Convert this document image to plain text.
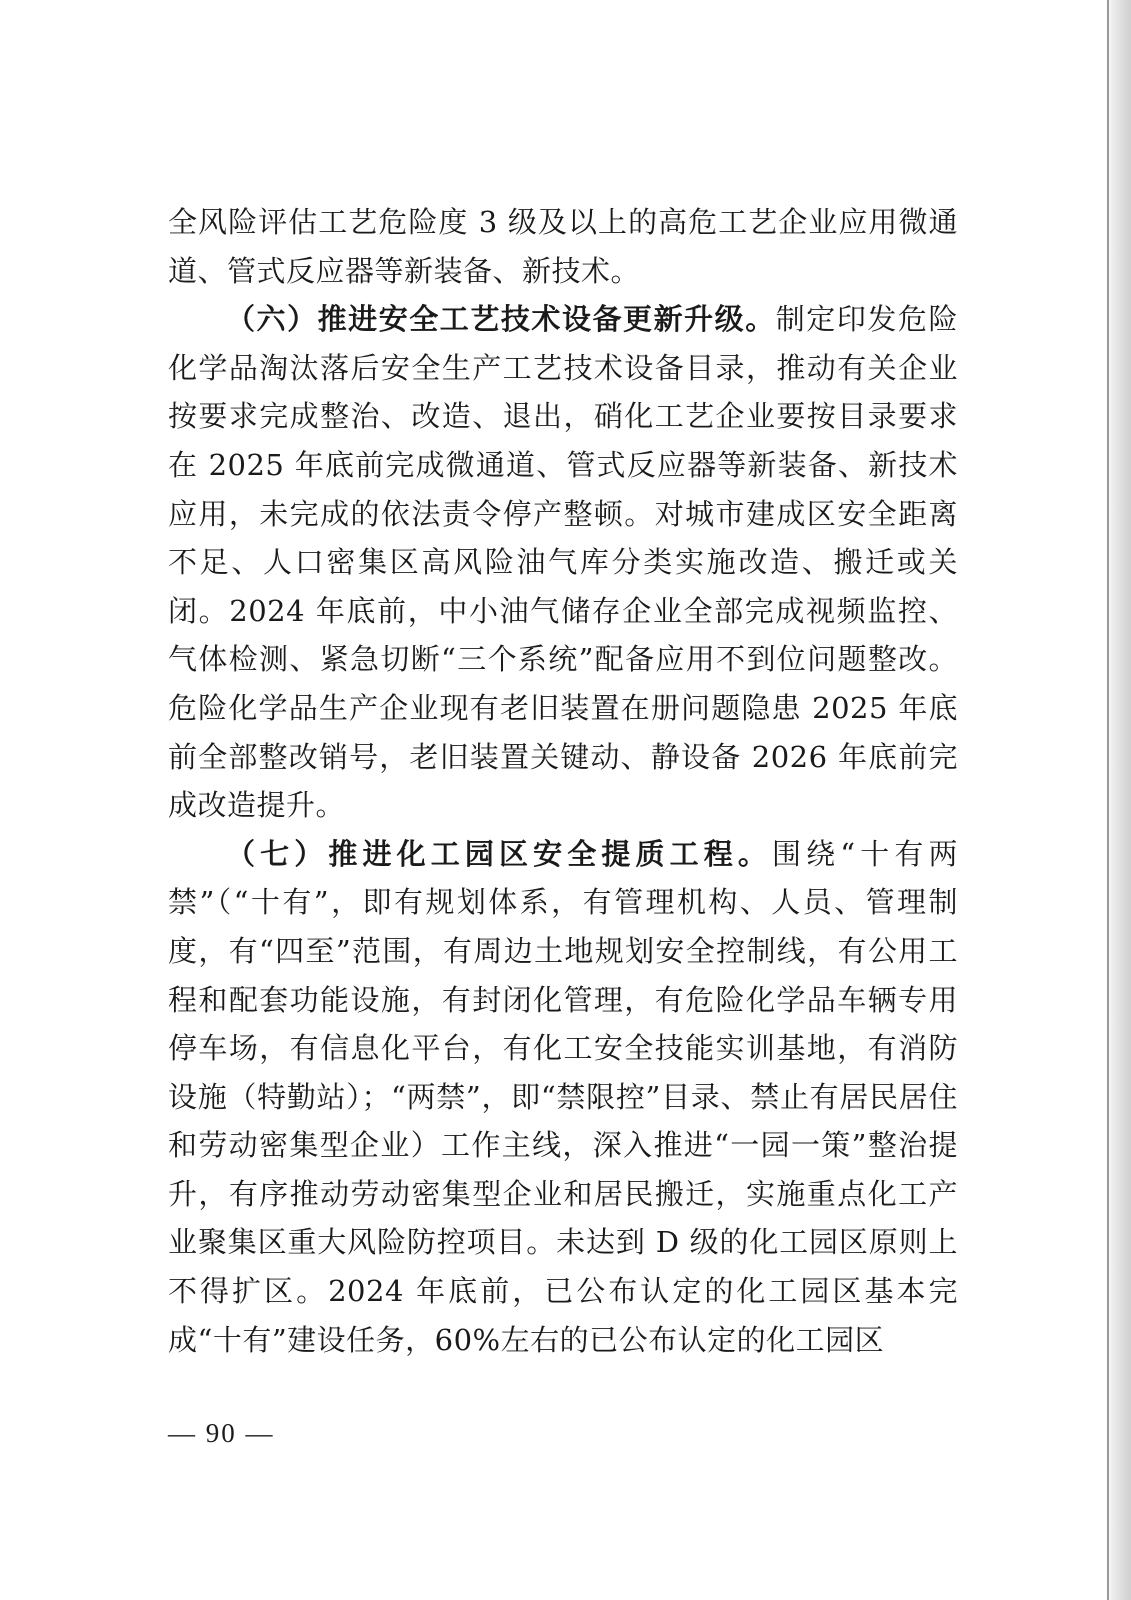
全风险评估工艺危险度 3 级及以上的高危工艺企业应用微通道、管式反应器等新装备、新技术。

（六）推进安全工艺技术设备更新升级。制定印发危险化学品淘汰落后安全生产工艺技术设备目录，推动有关企业按要求完成整治、改造、退出，硝化工艺企业要按目录要求在 2025 年底前完成微通道、管式反应器等新装备、新技术应用，未完成的依法责令停产整顿。对城市建成区安全距离不足、人口密集区高风险油气库分类实施改造、搬迁或关闭。2024 年底前，中小油气储存企业全部完成视频监控、气体检测、紧急切断“三个系统”配备应用不到位问题整改。危险化学品生产企业现有老旧装置在册问题隐患 2025 年底前全部整改销号，老旧装置关键动、静设备 2026 年底前完成改造提升。

（七）推进化工园区安全提质工程。围绕“十有两禁”（“十有”，即有规划体系，有管理机构、人员、管理制度，有“四至”范围，有周边土地规划安全控制线，有公用工程和配套功能设施，有封闭化管理，有危险化学品车辆专用停车场，有信息化平台，有化工安全技能实训基地，有消防设施（特勤站）；“两禁”，即“禁限控”目录、禁止有居民居住和劳动密集型企业）工作主线，深入推进“一园一策”整治提升，有序推动劳动密集型企业和居民搬迁，实施重点化工产业聚集区重大风险防控项目。未达到 D 级的化工园区原则上不得扩区。2024 年底前，已公布认定的化工园区基本完成“十有”建设任务，60%左右的已公布认定的化工园区

— 90 —
